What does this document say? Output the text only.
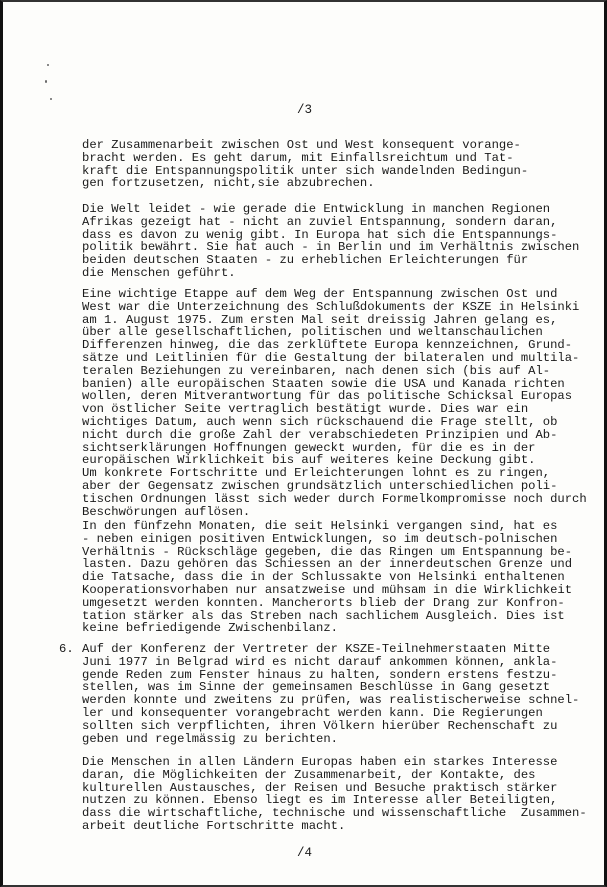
/3
der Zusammenarbeit zwischen Ost und West konsequent vorange-
bracht werden. Es geht darum, mit Einfallsreichtum und Tat-
kraft die Entspannungspolitik unter sich wandelnden Bedingun-
gen fortzusetzen, nicht,sie abzubrechen.
Die Welt leidet - wie gerade die Entwicklung in manchen Regionen
Afrikas gezeigt hat - nicht an zuviel Entspannung, sondern daran,
dass es davon zu wenig gibt. In Europa hat sich die Entspannungs-
politik bewährt. Sie hat auch - in Berlin und im Verhältnis zwischen
beiden deutschen Staaten - zu erheblichen Erleichterungen für
die Menschen geführt.
Eine wichtige Etappe auf dem Weg der Entspannung zwischen Ost und
West war die Unterzeichnung des Schlußdokuments der KSZE in Helsinki
am 1. August 1975. Zum ersten Mal seit dreissig Jahren gelang es,
über alle gesellschaftlichen, politischen und weltanschaulichen
Differenzen hinweg, die das zerklüftete Europa kennzeichnen, Grund-
sätze und Leitlinien für die Gestaltung der bilateralen und multila-
teralen Beziehungen zu vereinbaren, nach denen sich (bis auf Al-
banien) alle europäischen Staaten sowie die USA und Kanada richten
wollen, deren Mitverantwortung für das politische Schicksal Europas
von östlicher Seite vertraglich bestätigt wurde. Dies war ein
wichtiges Datum, auch wenn sich rückschauend die Frage stellt, ob
nicht durch die große Zahl der verabschiedeten Prinzipien und Ab-
sichtserklärungen Hoffnungen geweckt wurden, für die es in der
europäischen Wirklichkeit bis auf weiteres keine Deckung gibt.
Um konkrete Fortschritte und Erleichterungen lohnt es zu ringen,
aber der Gegensatz zwischen grundsätzlich unterschiedlichen poli-
tischen Ordnungen lässt sich weder durch Formelkompromisse noch durch
Beschwörungen auflösen.
In den fünfzehn Monaten, die seit Helsinki vergangen sind, hat es
- neben einigen positiven Entwicklungen, so im deutsch-polnischen
Verhältnis - Rückschläge gegeben, die das Ringen um Entspannung be-
lasten. Dazu gehören das Schiessen an der innerdeutschen Grenze und
die Tatsache, dass die in der Schlussakte von Helsinki enthaltenen
Kooperationsvorhaben nur ansatzweise und mühsam in die Wirklichkeit
umgesetzt werden konnten. Mancherorts blieb der Drang zur Konfron-
tation stärker als das Streben nach sachlichem Ausgleich. Dies ist
keine befriedigende Zwischenbilanz.
Auf der Konferenz der Vertreter der KSZE-Teilnehmerstaaten Mitte
Juni 1977 in Belgrad wird es nicht darauf ankommen können, ankla-
gende Reden zum Fenster hinaus zu halten, sondern erstens festzu-
stellen, was im Sinne der gemeinsamen Beschlüsse in Gang gesetzt
werden konnte und zweitens zu prüfen, was realistischerweise schnel-
ler und konsequenter vorangebracht werden kann. Die Regierungen
sollten sich verpflichten, ihren Völkern hierüber Rechenschaft zu
geben und regelmässig zu berichten.
Die Menschen in allen Ländern Europas haben ein starkes Interesse
daran, die Möglichkeiten der Zusammenarbeit, der Kontakte, des
kulturellen Austausches, der Reisen und Besuche praktisch stärker
nutzen zu können. Ebenso liegt es im Interesse aller Beteiligten,
dass die wirtschaftliche, technische und wissenschaftliche  Zusammen-
arbeit deutliche Fortschritte macht.
/4
6.
